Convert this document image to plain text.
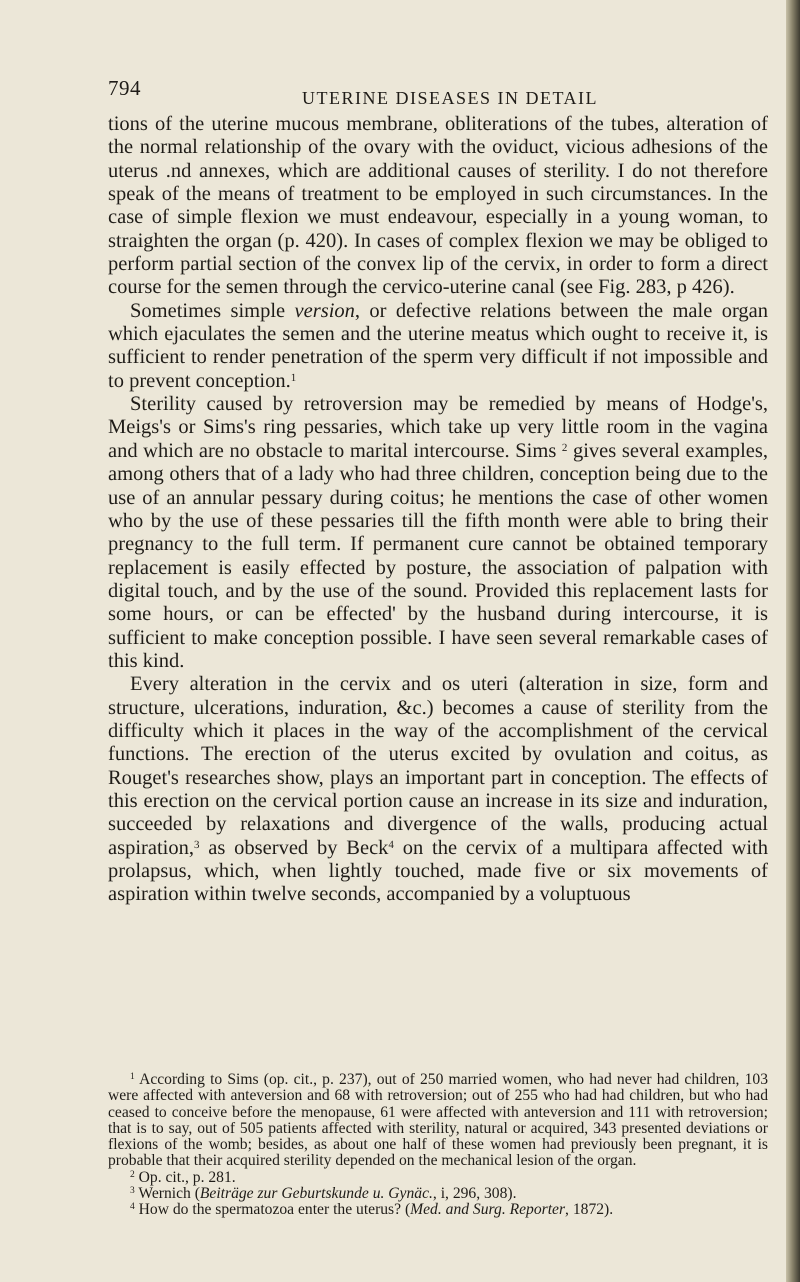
794	UTERINE DISEASES IN DETAIL

tions of the uterine mucous membrane, obliterations of the tubes, alteration of the normal relationship of the ovary with the oviduct, vicious adhesions of the uterus .nd annexes, which are additional causes of sterility. I do not therefore speak of the means of treatment to be employed in such circumstances. In the case of simple flexion we must endeavour, especially in a young woman, to straighten the organ (p. 420). In cases of complex flexion we may be obliged to perform partial section of the convex lip of the cervix, in order to form a direct course for the semen through the cervico-uterine canal (see Fig. 283, p 426).

Sometimes simple version, or defective relations between the male organ which ejaculates the semen and the uterine meatus which ought to receive it, is sufficient to render penetration of the sperm very difficult if not impossible and to prevent conception.$^1$

Sterility caused by retroversion may be remedied by means of Hodge's, Meigs's or Sims's ring pessaries, which take up very little room in the vagina and which are no obstacle to marital intercourse. Sims $^2$ gives several examples, among others that of a lady who had three children, conception being due to the use of an annular pessary during coitus; he mentions the case of other women who by the use of these pessaries till the fifth month were able to bring their pregnancy to the full term. If permanent cure cannot be obtained temporary replacement is easily effected by posture, the association of palpation with digital touch, and by the use of the sound. Provided this replacement lasts for some hours, or can be effected' by the husband during intercourse, it is sufficient to make conception possible. I have seen several remarkable cases of this kind.

Every alteration in the cervix and os uteri (alteration in size, form and structure, ulcerations, induration, &c.) becomes a cause of sterility from the difficulty which it places in the way of the accomplishment of the cervical functions. The erection of the uterus excited by ovulation and coitus, as Rouget's researches show, plays an important part in conception. The effects of this erection on the cervical portion cause an increase in its size and induration, succeeded by relaxations and divergence of the walls, producing actual aspiration,$^3$ as observed by Beck$^4$ on the cervix of a multipara affected with prolapsus, which, when lightly touched, made five or six movements of aspiration within twelve seconds, accompanied by a voluptuous

$^1$ According to Sims (op. cit., p. 237), out of 250 married women, who had never had children, 103 were affected with anteversion and 68 with retroversion; out of 255 who had had children, but who had ceased to conceive before the menopause, 61 were affected with anteversion and 111 with retroversion; that is to say, out of 505 patients affected with sterility, natural or acquired, 343 presented deviations or flexions of the womb; besides, as about one half of these women had previously been pregnant, it is probable that their acquired sterility depended on the mechanical lesion of the organ.

$^2$ Op. cit., p. 281.

$^3$ Wernich (Beiträge zur Geburtskunde u. Gynäc., i, 296, 308).

$^4$ How do the spermatozoa enter the uterus? (Med. and Surg. Reporter, 1872).
